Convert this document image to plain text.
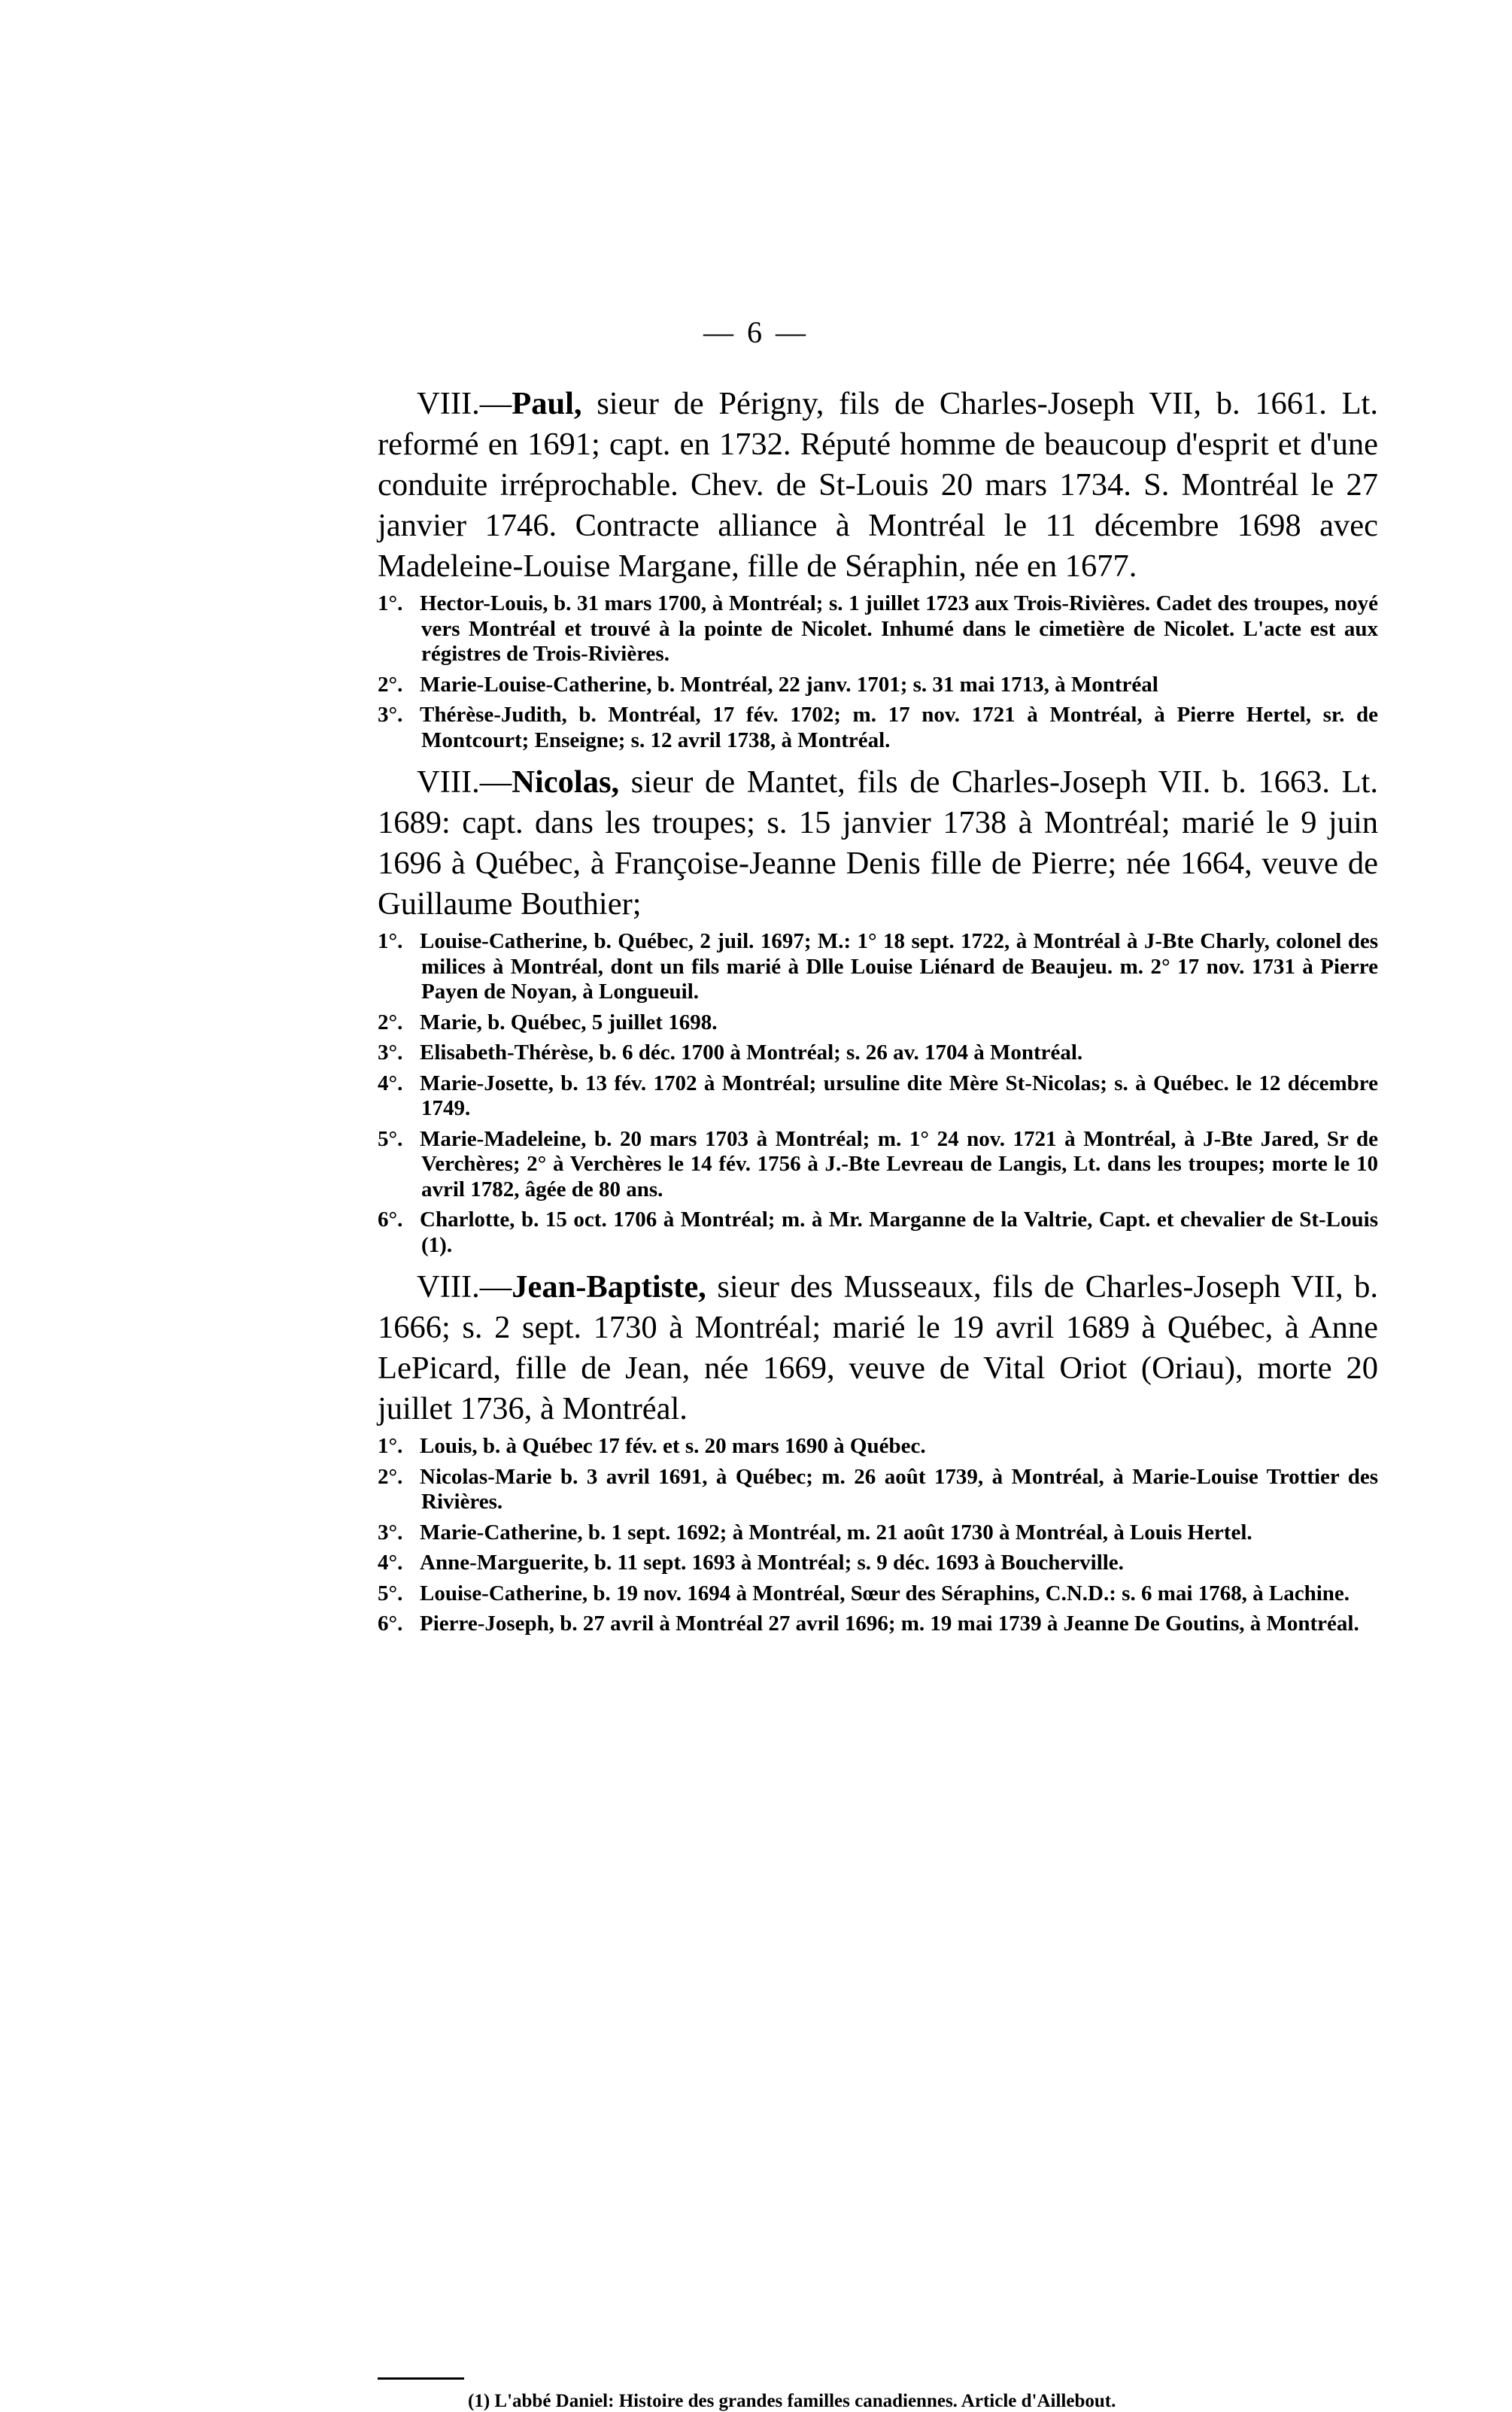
— 6 —

VIII.—Paul, sieur de Périgny, fils de Charles-Joseph VII, b. 1661. Lt. reformé en 1691; capt. en 1732. Réputé homme de beaucoup d'esprit et d'une conduite irréprochable. Chev. de St-Louis 20 mars 1734. S. Montréal le 27 janvier 1746. Contracte alliance à Montréal le 11 décembre 1698 avec Madeleine-Louise Margane, fille de Séraphin, née en 1677.

1°. Hector-Louis, b. 31 mars 1700, à Montréal; s. 1 juillet 1723 aux Trois-Rivières. Cadet des troupes, noyé vers Montréal et trouvé à la pointe de Nicolet. Inhumé dans le cimetière de Nicolet. L'acte est aux régistres de Trois-Rivières.
2°. Marie-Louise-Catherine, b. Montréal, 22 janv. 1701; s. 31 mai 1713, à Montréal
3°. Thérèse-Judith, b. Montréal, 17 fév. 1702; m. 17 nov. 1721 à Montréal, à Pierre Hertel, sr. de Montcourt; Enseigne; s. 12 avril 1738, à Montréal.

VIII.—Nicolas, sieur de Mantet, fils de Charles-Joseph VII. b. 1663. Lt. 1689: capt. dans les troupes; s. 15 janvier 1738 à Montréal; marié le 9 juin 1696 à Québec, à Françoise-Jeanne Denis fille de Pierre; née 1664, veuve de Guillaume Bouthier;

1°. Louise-Catherine, b. Québec, 2 juil. 1697; M.: 1° 18 sept. 1722, à Montréal à J-Bte Charly, colonel des milices à Montréal, dont un fils marié à Dlle Louise Liénard de Beaujeu. m. 2° 17 nov. 1731 à Pierre Payen de Noyan, à Longueuil.
2°. Marie, b. Québec, 5 juillet 1698.
3°. Elisabeth-Thérèse, b. 6 déc. 1700 à Montréal; s. 26 av. 1704 à Montréal.
4°. Marie-Josette, b. 13 fév. 1702 à Montréal; ursuline dite Mère St-Nicolas; s. à Québec. le 12 décembre 1749.
5°. Marie-Madeleine, b. 20 mars 1703 à Montréal; m. 1° 24 nov. 1721 à Montréal, à J-Bte Jared, Sr de Verchères; 2° à Verchères le 14 fév. 1756 à J.-Bte Levreau de Langis, Lt. dans les troupes; morte le 10 avril 1782, âgée de 80 ans.
6°. Charlotte, b. 15 oct. 1706 à Montréal; m. à Mr. Marganne de la Valtrie, Capt. et chevalier de St-Louis (1).

VIII.—Jean-Baptiste, sieur des Musseaux, fils de Charles-Joseph VII, b. 1666; s. 2 sept. 1730 à Montréal; marié le 19 avril 1689 à Québec, à Anne LePicard, fille de Jean, née 1669, veuve de Vital Oriot (Oriau), morte 20 juillet 1736, à Montréal.

1°. Louis, b. à Québec 17 fév. et s. 20 mars 1690 à Québec.
2°. Nicolas-Marie b. 3 avril 1691, à Québec; m. 26 août 1739, à Montréal, à Marie-Louise Trottier des Rivières.
3°. Marie-Catherine, b. 1 sept. 1692; à Montréal, m. 21 août 1730 à Montréal, à Louis Hertel.
4°. Anne-Marguerite, b. 11 sept. 1693 à Montréal; s. 9 déc. 1693 à Boucherville.
5°. Louise-Catherine, b. 19 nov. 1694 à Montréal, Sœur des Séraphins, C.N.D.: s. 6 mai 1768, à Lachine.
6°. Pierre-Joseph, b. 27 avril à Montréal 27 avril 1696; m. 19 mai 1739 à Jeanne De Goutins, à Montréal.
(1) L'abbé Daniel: Histoire des grandes familles canadiennes. Article d'Aillebout.
